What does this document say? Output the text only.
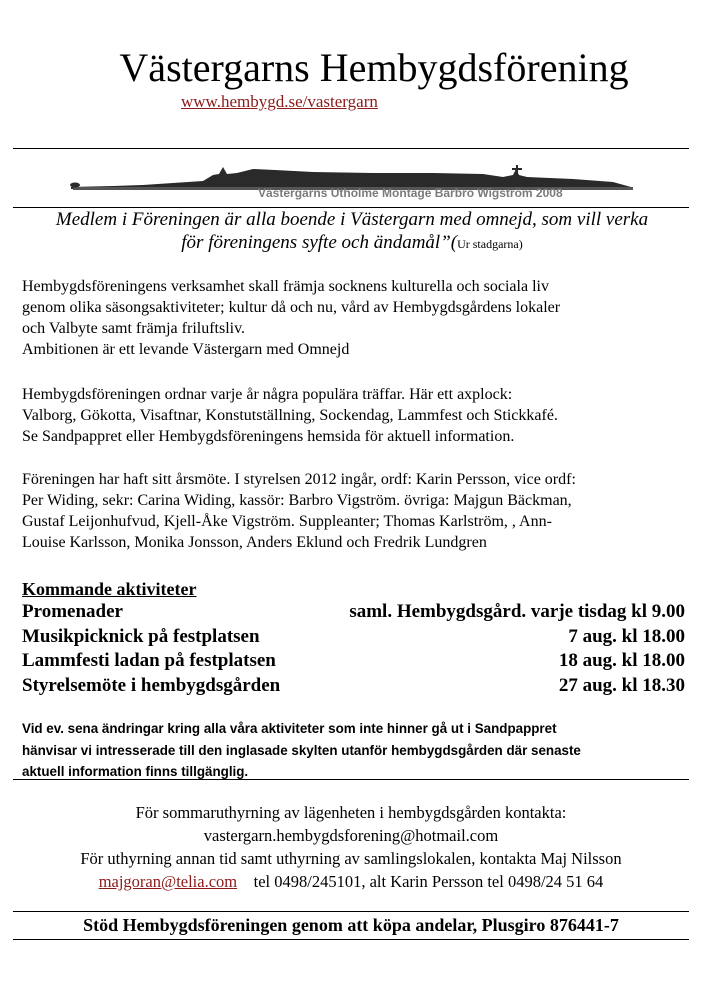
Västergarns Hembygdsförening
www.hembygd.se/vastergarn
Västergarns Utholme Montage Barbro Wigström 2008
Medlem i Föreningen är alla boende i Västergarn med omnejd, som vill verka
för föreningens syfte och ändamål”(Ur stadgarna)

Hembygdsföreningens verksamhet skall främja socknens kulturella och sociala liv

genom olika säsongsaktiviteter; kultur då och nu, vård av Hembygdsgårdens lokaler

och Valbyte samt främja friluftsliv.

Ambitionen är ett levande Västergarn med Omnejd

Hembygdsföreningen ordnar varje år några populära träffar. Här ett axplock:

Valborg, Gökotta, Visaftnar, Konstutställning, Sockendag, Lammfest och Stickkafé.

Se Sandpappret eller Hembygdsföreningens hemsida för aktuell information.

Föreningen har haft sitt årsmöte. I styrelsen 2012 ingår, ordf: Karin Persson, vice ordf:

Per Widing, sekr: Carina Widing, kassör: Barbro Vigström. övriga: Majgun Bäckman,

Gustaf Leijonhufvud, Kjell-Åke Vigström. Suppleanter; Thomas Karlström, , Ann-

Louise Karlsson, Monika Jonsson, Anders Eklund och Fredrik Lundgren

Kommande aktiviteter
Promenader	saml. Hembygdsgård. varje tisdag kl 9.00
Musikpicknick på festplatsen	7 aug. kl 18.00
Lammfesti ladan på festplatsen	18 aug. kl 18.00
Styrelsemöte i hembygdsgården	27 aug. kl 18.30
Vid ev. sena ändringar kring alla våra aktiviteter som inte hinner gå ut i Sandpappret
hänvisar vi intresserade till den inglasade skylten utanför hembygdsgården där senaste
aktuell information finns tillgänglig.
För sommaruthyrning av lägenheten i hembygdsgården kontakta:
vastergarn.hembygdsforening@hotmail.com
För uthyrning annan tid samt uthyrning av samlingslokalen, kontakta Maj Nilsson
majgoran@telia.com tel 0498/245101, alt Karin Persson tel 0498/24 51 64
Stöd Hembygdsföreningen genom att köpa andelar, Plusgiro 876441-7
